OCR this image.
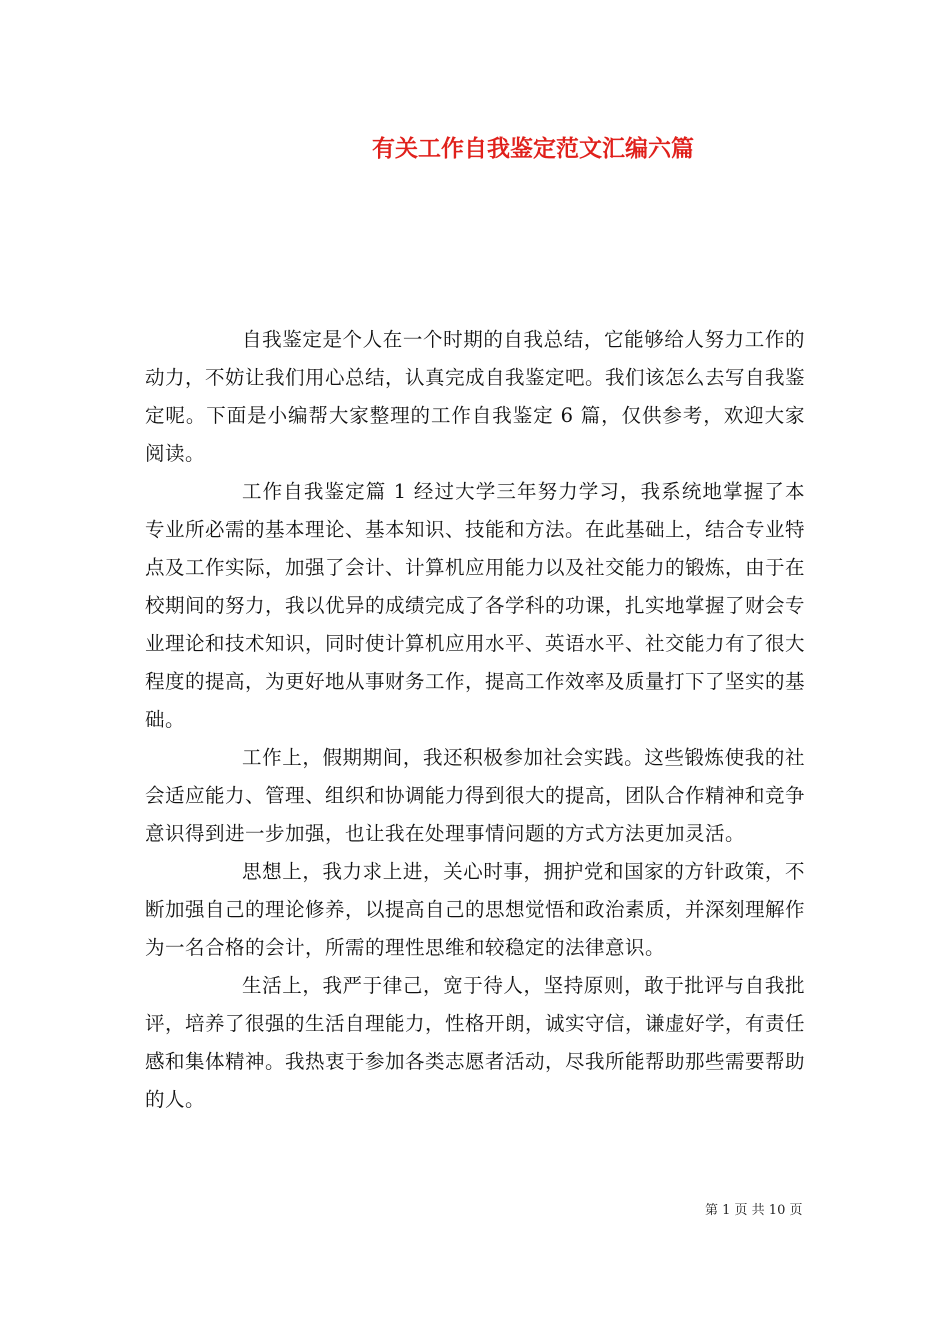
有关工作自我鉴定范文汇编六篇

自我鉴定是个人在一个时期的自我总结，它能够给人努力工作的动力，不妨让我们用心总结，认真完成自我鉴定吧。我们该怎么去写自我鉴定呢。下面是小编帮大家整理的工作自我鉴定 6 篇，仅供参考，欢迎大家阅读。

工作自我鉴定篇 1 经过大学三年努力学习，我系统地掌握了本专业所必需的基本理论、基本知识、技能和方法。在此基础上，结合专业特点及工作实际，加强了会计、计算机应用能力以及社交能力的锻炼，由于在校期间的努力，我以优异的成绩完成了各学科的功课，扎实地掌握了财会专业理论和技术知识，同时使计算机应用水平、英语水平、社交能力有了很大程度的提高，为更好地从事财务工作，提高工作效率及质量打下了坚实的基础。

工作上，假期期间，我还积极参加社会实践。这些锻炼使我的社会适应能力、管理、组织和协调能力得到很大的提高，团队合作精神和竞争意识得到进一步加强，也让我在处理事情问题的方式方法更加灵活。

思想上，我力求上进，关心时事，拥护党和国家的方针政策，不断加强自己的理论修养，以提高自己的思想觉悟和政治素质，并深刻理解作为一名合格的会计，所需的理性思维和较稳定的法律意识。

生活上，我严于律己，宽于待人，坚持原则，敢于批评与自我批评，培养了很强的生活自理能力，性格开朗，诚实守信，谦虚好学，有责任感和集体精神。我热衷于参加各类志愿者活动，尽我所能帮助那些需要帮助的人。

第 1 页 共 10 页
